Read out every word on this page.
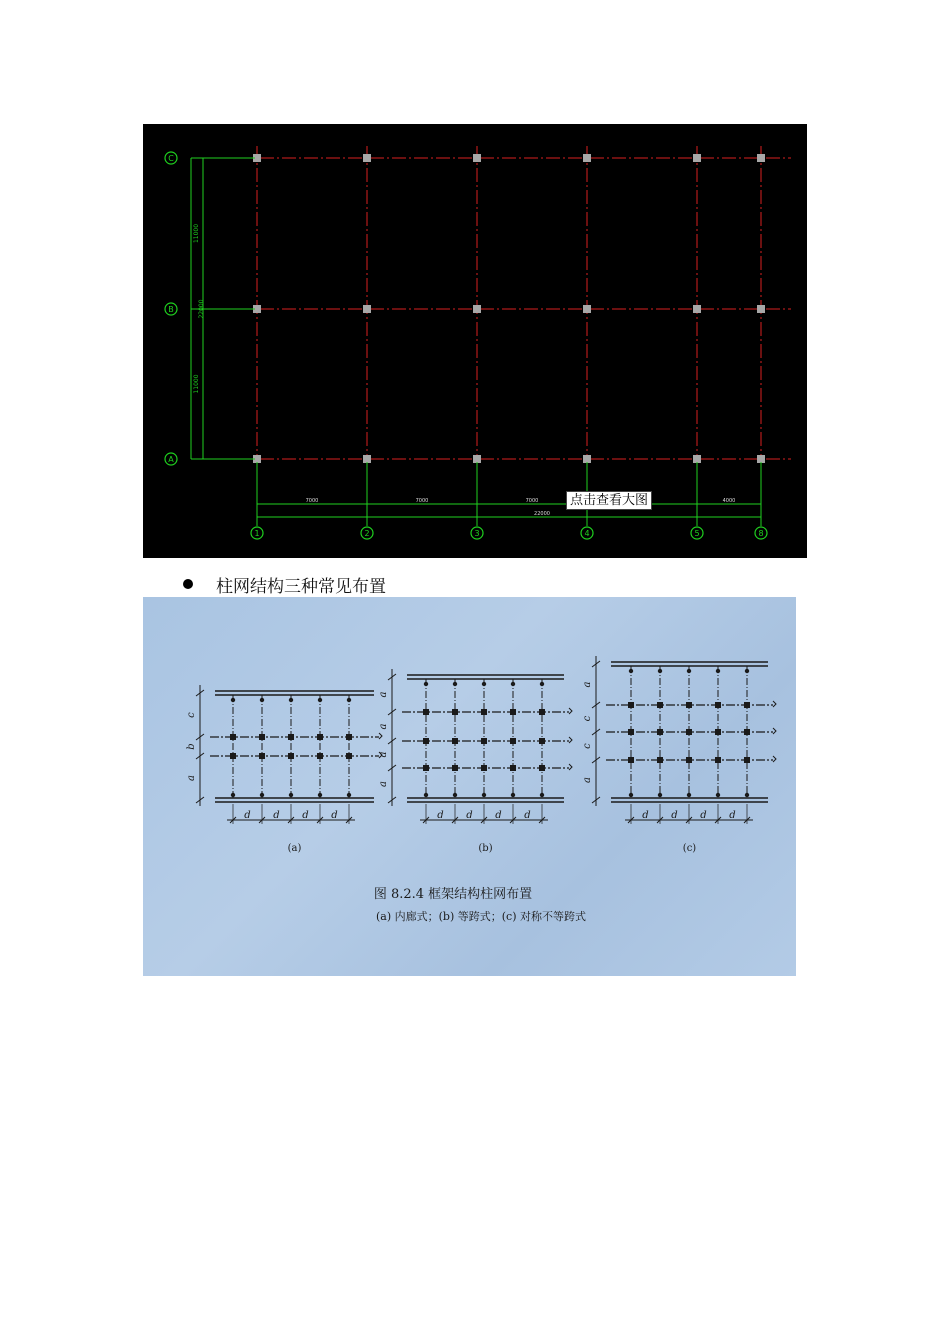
11000
11000
22000
C
B
A
7000	7000	7000	4000
22000
1	2	3	4	5	8
点击查看大图
柱网结构三种常见布置
c
b
a
d d d d
(a)
a
a
a
a
d d d d
(b)
a
c
c
a
d d d d
(c)
图 8.2.4 框架结构柱网布置
(a) 内廊式；(b) 等跨式；(c) 对称不等跨式
